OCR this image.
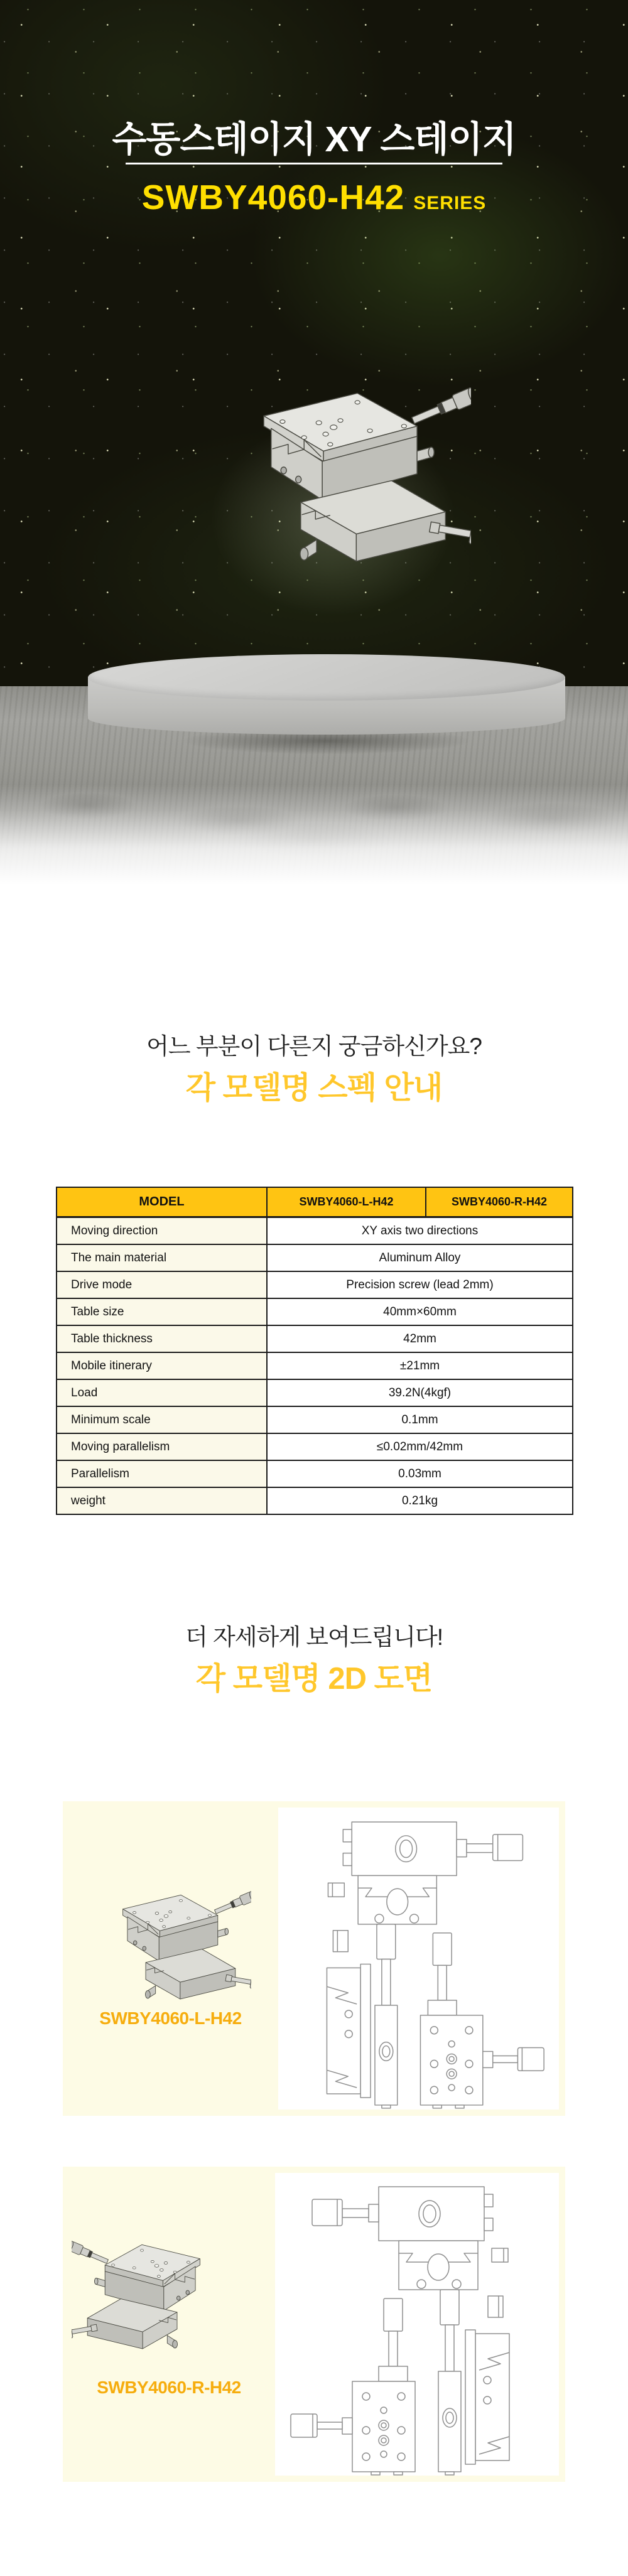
수동스테이지 XY 스테이지
SWBY4060-H42 SERIES
어느 부분이 다른지 궁금하신가요?
각 모델명 스펙 안내
MODEL	SWBY4060-L-H42	SWBY4060-R-H42
Moving direction	XY axis two directions	
The main material	Aluminum Alloy	
Drive mode	Precision screw (lead 2mm)	
Table size	40mm×60mm	
Table thickness	42mm	
Mobile itinerary	±21mm	
Load	39.2N(4kgf)	
Minimum scale	0.1mm	
Moving parallelism	≤0.02mm/42mm	
Parallelism	0.03mm	
weight	0.21kg	
더 자세하게 보여드립니다!
각 모델명 2D 도면
SWBY4060-L-H42
SWBY4060-R-H42
